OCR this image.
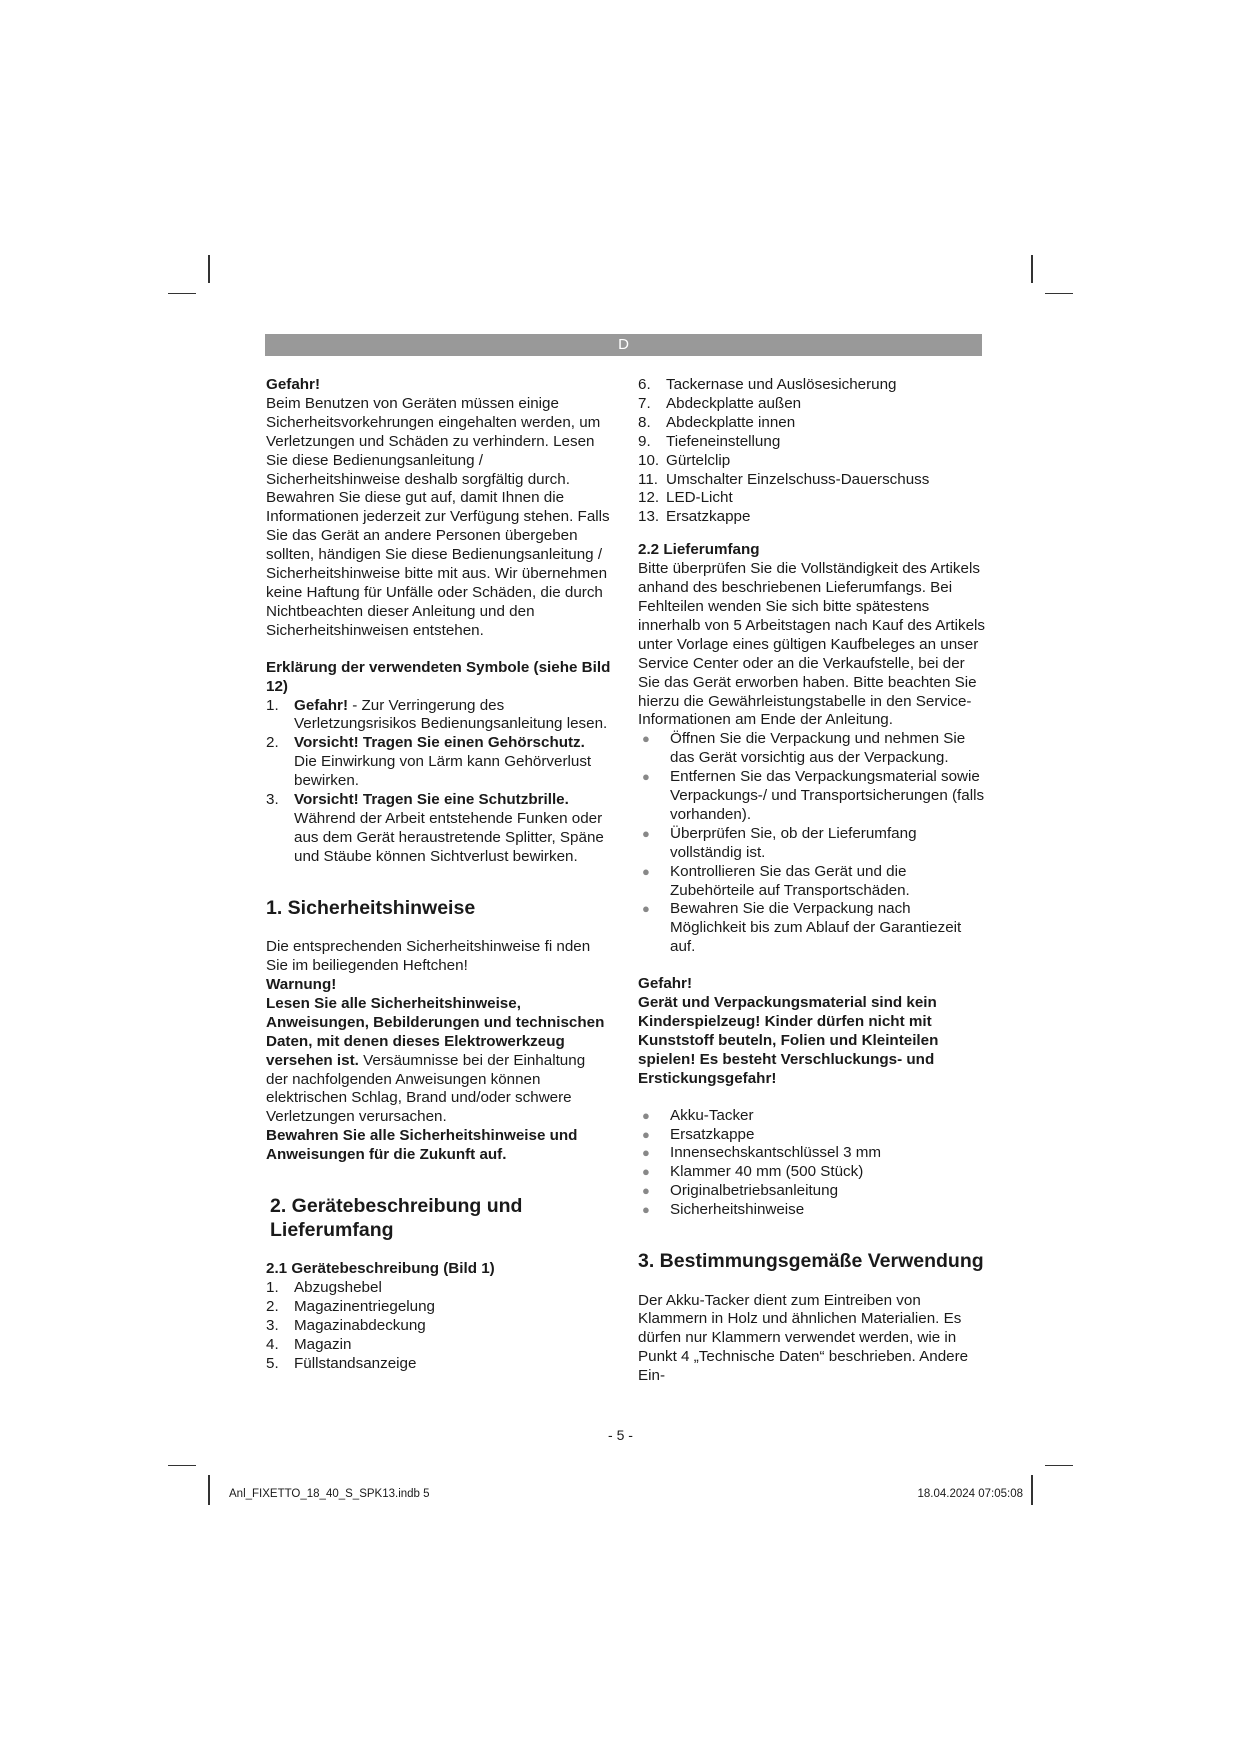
D

Gefahr!

Beim Benutzen von Geräten müssen einige Sicherheitsvorkehrungen eingehalten werden, um Verletzungen und Schäden zu verhindern. Lesen Sie diese Bedienungsanleitung / Sicherheitshinweise deshalb sorgfältig durch. Bewahren Sie diese gut auf, damit Ihnen die Informationen jederzeit zur Verfügung stehen. Falls Sie das Gerät an andere Personen übergeben sollten, händigen Sie diese Bedienungsanleitung / Sicherheitshinweise bitte mit aus. Wir übernehmen keine Haftung für Unfälle oder Schäden, die durch Nichtbeachten dieser Anleitung und den Sicherheitshinweisen entstehen.

Erklärung der verwendeten Symbole (siehe Bild 12)

1. Gefahr! - Zur Verringerung des Verletzungsrisikos Bedienungsanleitung lesen.
2. Vorsicht! Tragen Sie einen Gehörschutz. Die Einwirkung von Lärm kann Gehörverlust bewirken.
3. Vorsicht! Tragen Sie eine Schutzbrille. Während der Arbeit entstehende Funken oder aus dem Gerät heraustretende Splitter, Späne und Stäube können Sichtverlust bewirken.

1. Sicherheitshinweise

Die entsprechenden Sicherheitshinweise fi nden Sie im beiliegenden Heftchen!

Warnung!

Lesen Sie alle Sicherheitshinweise, Anweisungen, Bebilderungen und technischen Daten, mit denen dieses Elektrowerkzeug versehen ist. Versäumnisse bei der Einhaltung der nachfolgenden Anweisungen können elektrischen Schlag, Brand und/oder schwere Verletzungen verursachen.

Bewahren Sie alle Sicherheitshinweise und Anweisungen für die Zukunft auf.

2. Gerätebeschreibung und Lieferumfang

2.1 Gerätebeschreibung (Bild 1)

1. Abzugshebel
2. Magazinentriegelung
3. Magazinabdeckung
4. Magazin
5. Füllstandsanzeige
6. Tackernase und Auslösesicherung
7. Abdeckplatte außen
8. Abdeckplatte innen
9. Tiefeneinstellung
10. Gürtelclip
11. Umschalter Einzelschuss-Dauerschuss
12. LED-Licht
13. Ersatzkappe

2.2 Lieferumfang

Bitte überprüfen Sie die Vollständigkeit des Artikels anhand des beschriebenen Lieferumfangs. Bei Fehlteilen wenden Sie sich bitte spätestens innerhalb von 5 Arbeitstagen nach Kauf des Artikels unter Vorlage eines gültigen Kaufbeleges an unser Service Center oder an die Verkaufstelle, bei der Sie das Gerät erworben haben. Bitte beachten Sie hierzu die Gewährleistungstabelle in den Service-Informationen am Ende der Anleitung.

● Öffnen Sie die Verpackung und nehmen Sie das Gerät vorsichtig aus der Verpackung.
● Entfernen Sie das Verpackungsmaterial sowie Verpackungs-/ und Transportsicherungen (falls vorhanden).
● Überprüfen Sie, ob der Lieferumfang vollständig ist.
● Kontrollieren Sie das Gerät und die Zubehörteile auf Transportschäden.
● Bewahren Sie die Verpackung nach Möglichkeit bis zum Ablauf der Garantiezeit auf.

Gefahr!

Gerät und Verpackungsmaterial sind kein Kinderspielzeug! Kinder dürfen nicht mit Kunststoff beuteln, Folien und Kleinteilen spielen! Es besteht Verschluckungs- und Erstickungsgefahr!

● Akku-Tacker
● Ersatzkappe
● Innensechskantschlüssel 3 mm
● Klammer 40 mm (500 Stück)
● Originalbetriebsanleitung
● Sicherheitshinweise

3. Bestimmungsgemäße Verwendung

Der Akku-Tacker dient zum Eintreiben von Klammern in Holz und ähnlichen Materialien. Es dürfen nur Klammern verwendet werden, wie in Punkt 4 „Technische Daten“ beschrieben. Andere Ein-

- 5 -
Anl_FIXETTO_18_40_S_SPK13.indb 5	18.04.2024 07:05:08
